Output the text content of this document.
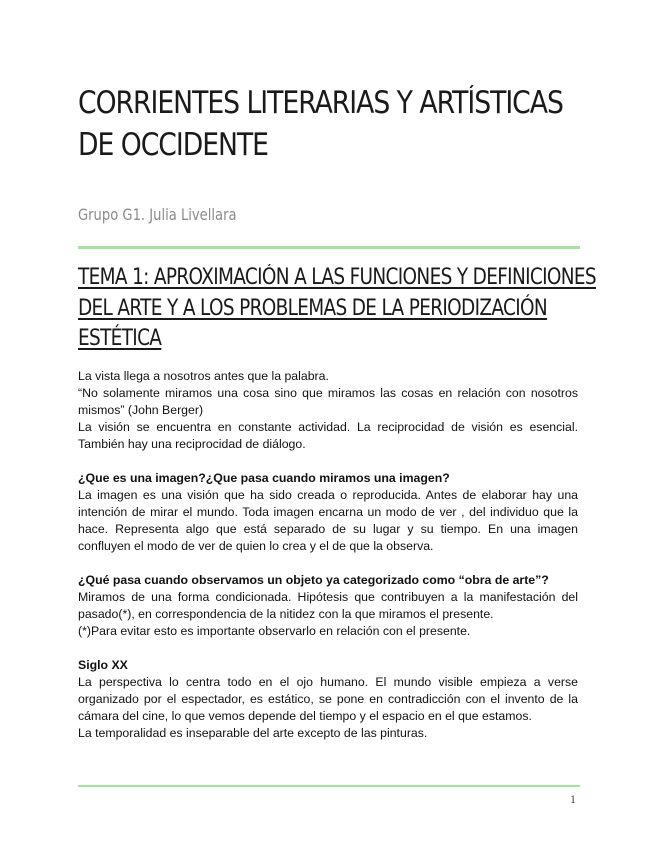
CORRIENTES LITERARIAS Y ARTÍSTICAS
DE OCCIDENTE
Grupo G1. Julia Livellara
TEMA 1: APROXIMACIÓN A LAS FUNCIONES Y DEFINICIONES
DEL ARTE Y A LOS PROBLEMAS DE LA PERIODIZACIÓN
ESTÉTICA

La vista llega a nosotros antes que la palabra.

“No solamente miramos una cosa sino que miramos las cosas en relación con nosotros mismos” (John Berger)

La visión se encuentra en constante actividad. La reciprocidad de visión es esencial. También hay una reciprocidad de diálogo.

¿Que es una imagen?¿Que pasa cuando miramos una imagen?

La imagen es una visión que ha sido creada o reproducida. Antes de elaborar hay una intención de mirar el mundo. Toda imagen encarna un modo de ver , del individuo que la hace. Representa algo que está separado de su lugar y su tiempo. En una imagen confluyen el modo de ver de quien lo crea y el de que la observa.

¿Qué pasa cuando observamos un objeto ya categorizado como “obra de arte”?

Miramos de una forma condicionada. Hipótesis que contribuyen a la manifestación del pasado(*), en correspondencia de la nitidez con la que miramos el presente.

(*)Para evitar esto es importante observarlo en relación con el presente.

Siglo XX

La perspectiva lo centra todo en el ojo humano. El mundo visible empieza a verse organizado por el espectador, es estático, se pone en contradicción con el invento de la cámara del cine, lo que vemos depende del tiempo y el espacio en el que estamos.

La temporalidad es inseparable del arte excepto de las pinturas.

1
